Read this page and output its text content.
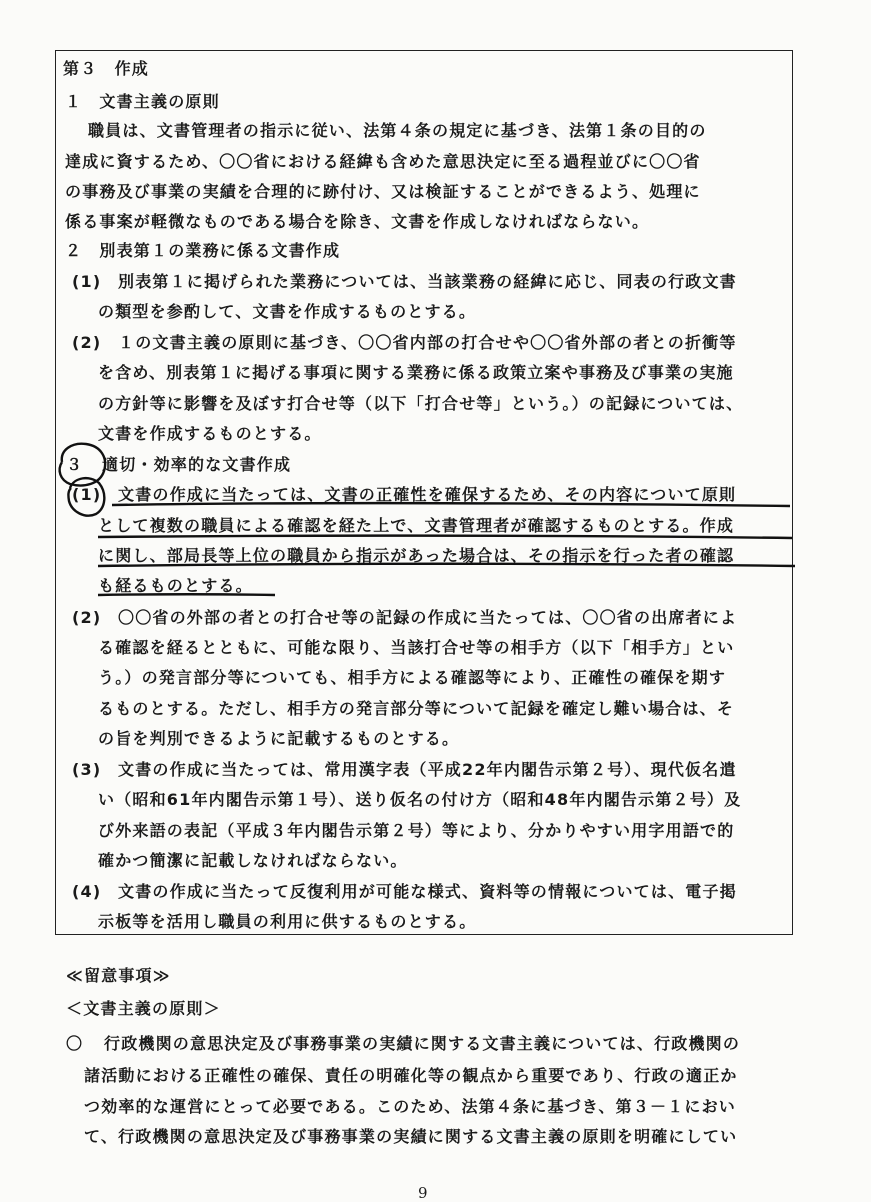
第３　作成
１　文書主義の原則
職員は、文書管理者の指示に従い、法第４条の規定に基づき、法第１条の目的の
達成に資するため、〇〇省における経緯も含めた意思決定に至る過程並びに〇〇省
の事務及び事業の実績を合理的に跡付け、又は検証することができるよう、処理に
係る事案が軽微なものである場合を除き、文書を作成しなければならない。
２　別表第１の業務に係る文書作成
(1) 別表第１に掲げられた業務については、当該業務の経緯に応じ、同表の行政文書
の類型を参酌して、文書を作成するものとする。
(2) １の文書主義の原則に基づき、〇〇省内部の打合せや〇〇省外部の者との折衝等
を含め、別表第１に掲げる事項に関する業務に係る政策立案や事務及び事業の実施
の方針等に影響を及ぼす打合せ等（以下「打合せ等」という。）の記録については、
文書を作成するものとする。
３ 適切・効率的な文書作成
(1) 文書の作成に当たっては、文書の正確性を確保するため、その内容について原則
として複数の職員による確認を経た上で、文書管理者が確認するものとする。作成
に関し、部局長等上位の職員から指示があった場合は、その指示を行った者の確認
も経るものとする。
(2) 〇〇省の外部の者との打合せ等の記録の作成に当たっては、〇〇省の出席者によ
る確認を経るとともに、可能な限り、当該打合せ等の相手方（以下「相手方」とい
う。）の発言部分等についても、相手方による確認等により、正確性の確保を期す
るものとする。ただし、相手方の発言部分等について記録を確定し難い場合は、そ
の旨を判別できるように記載するものとする。
(3) 文書の作成に当たっては、常用漢字表（平成22年内閣告示第２号）、現代仮名遣
い（昭和61年内閣告示第１号）、送り仮名の付け方（昭和48年内閣告示第２号）及
び外来語の表記（平成３年内閣告示第２号）等により、分かりやすい用字用語で的
確かつ簡潔に記載しなければならない。
(4) 文書の作成に当たって反復利用が可能な様式、資料等の情報については、電子掲
示板等を活用し職員の利用に供するものとする。
≪留意事項≫
＜文書主義の原則＞
〇 行政機関の意思決定及び事務事業の実績に関する文書主義については、行政機関の
諸活動における正確性の確保、責任の明確化等の観点から重要であり、行政の適正か
つ効率的な運営にとって必要である。このため、法第４条に基づき、第３－１におい
て、行政機関の意思決定及び事務事業の実績に関する文書主義の原則を明確にしてい
9
